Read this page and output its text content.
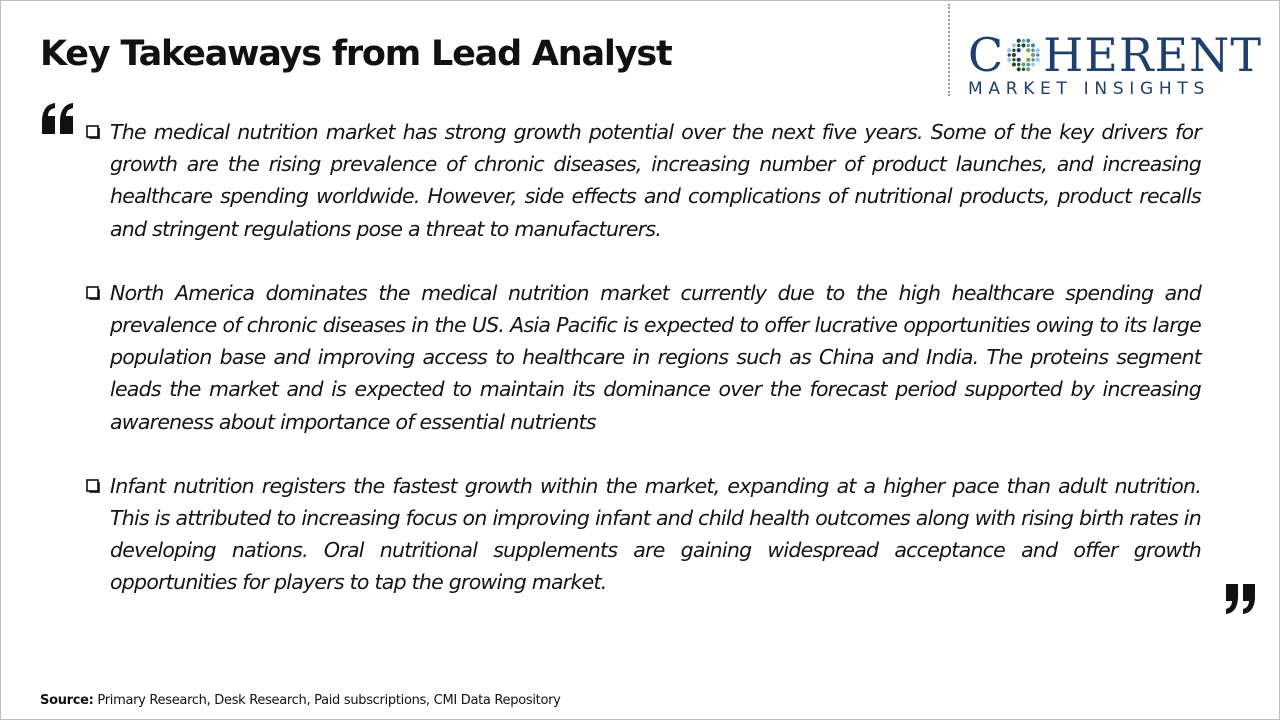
Key Takeaways from Lead Analyst	C HERENT
MARKET INSIGHTS
The medical nutrition market has strong growth potential over the next five years. Some of the key drivers for growth are the rising prevalence of chronic diseases, increasing number of product launches, and increasing healthcare spending worldwide. However, side effects and complications of nutritional products, product recalls and stringent regulations pose a threat to manufacturers.
North America dominates the medical nutrition market currently due to the high healthcare spending and prevalence of chronic diseases in the US. Asia Pacific is expected to offer lucrative opportunities owing to its large population base and improving access to healthcare in regions such as China and India. The proteins segment leads the market and is expected to maintain its dominance over the forecast period supported by increasing awareness about importance of essential nutrients
Infant nutrition registers the fastest growth within the market, expanding at a higher pace than adult nutrition. This is attributed to increasing focus on improving infant and child health outcomes along with rising birth rates in developing nations. Oral nutritional supplements are gaining widespread acceptance and offer growth opportunities for players to tap the growing market.
Source: Primary Research, Desk Research, Paid subscriptions, CMI Data Repository
